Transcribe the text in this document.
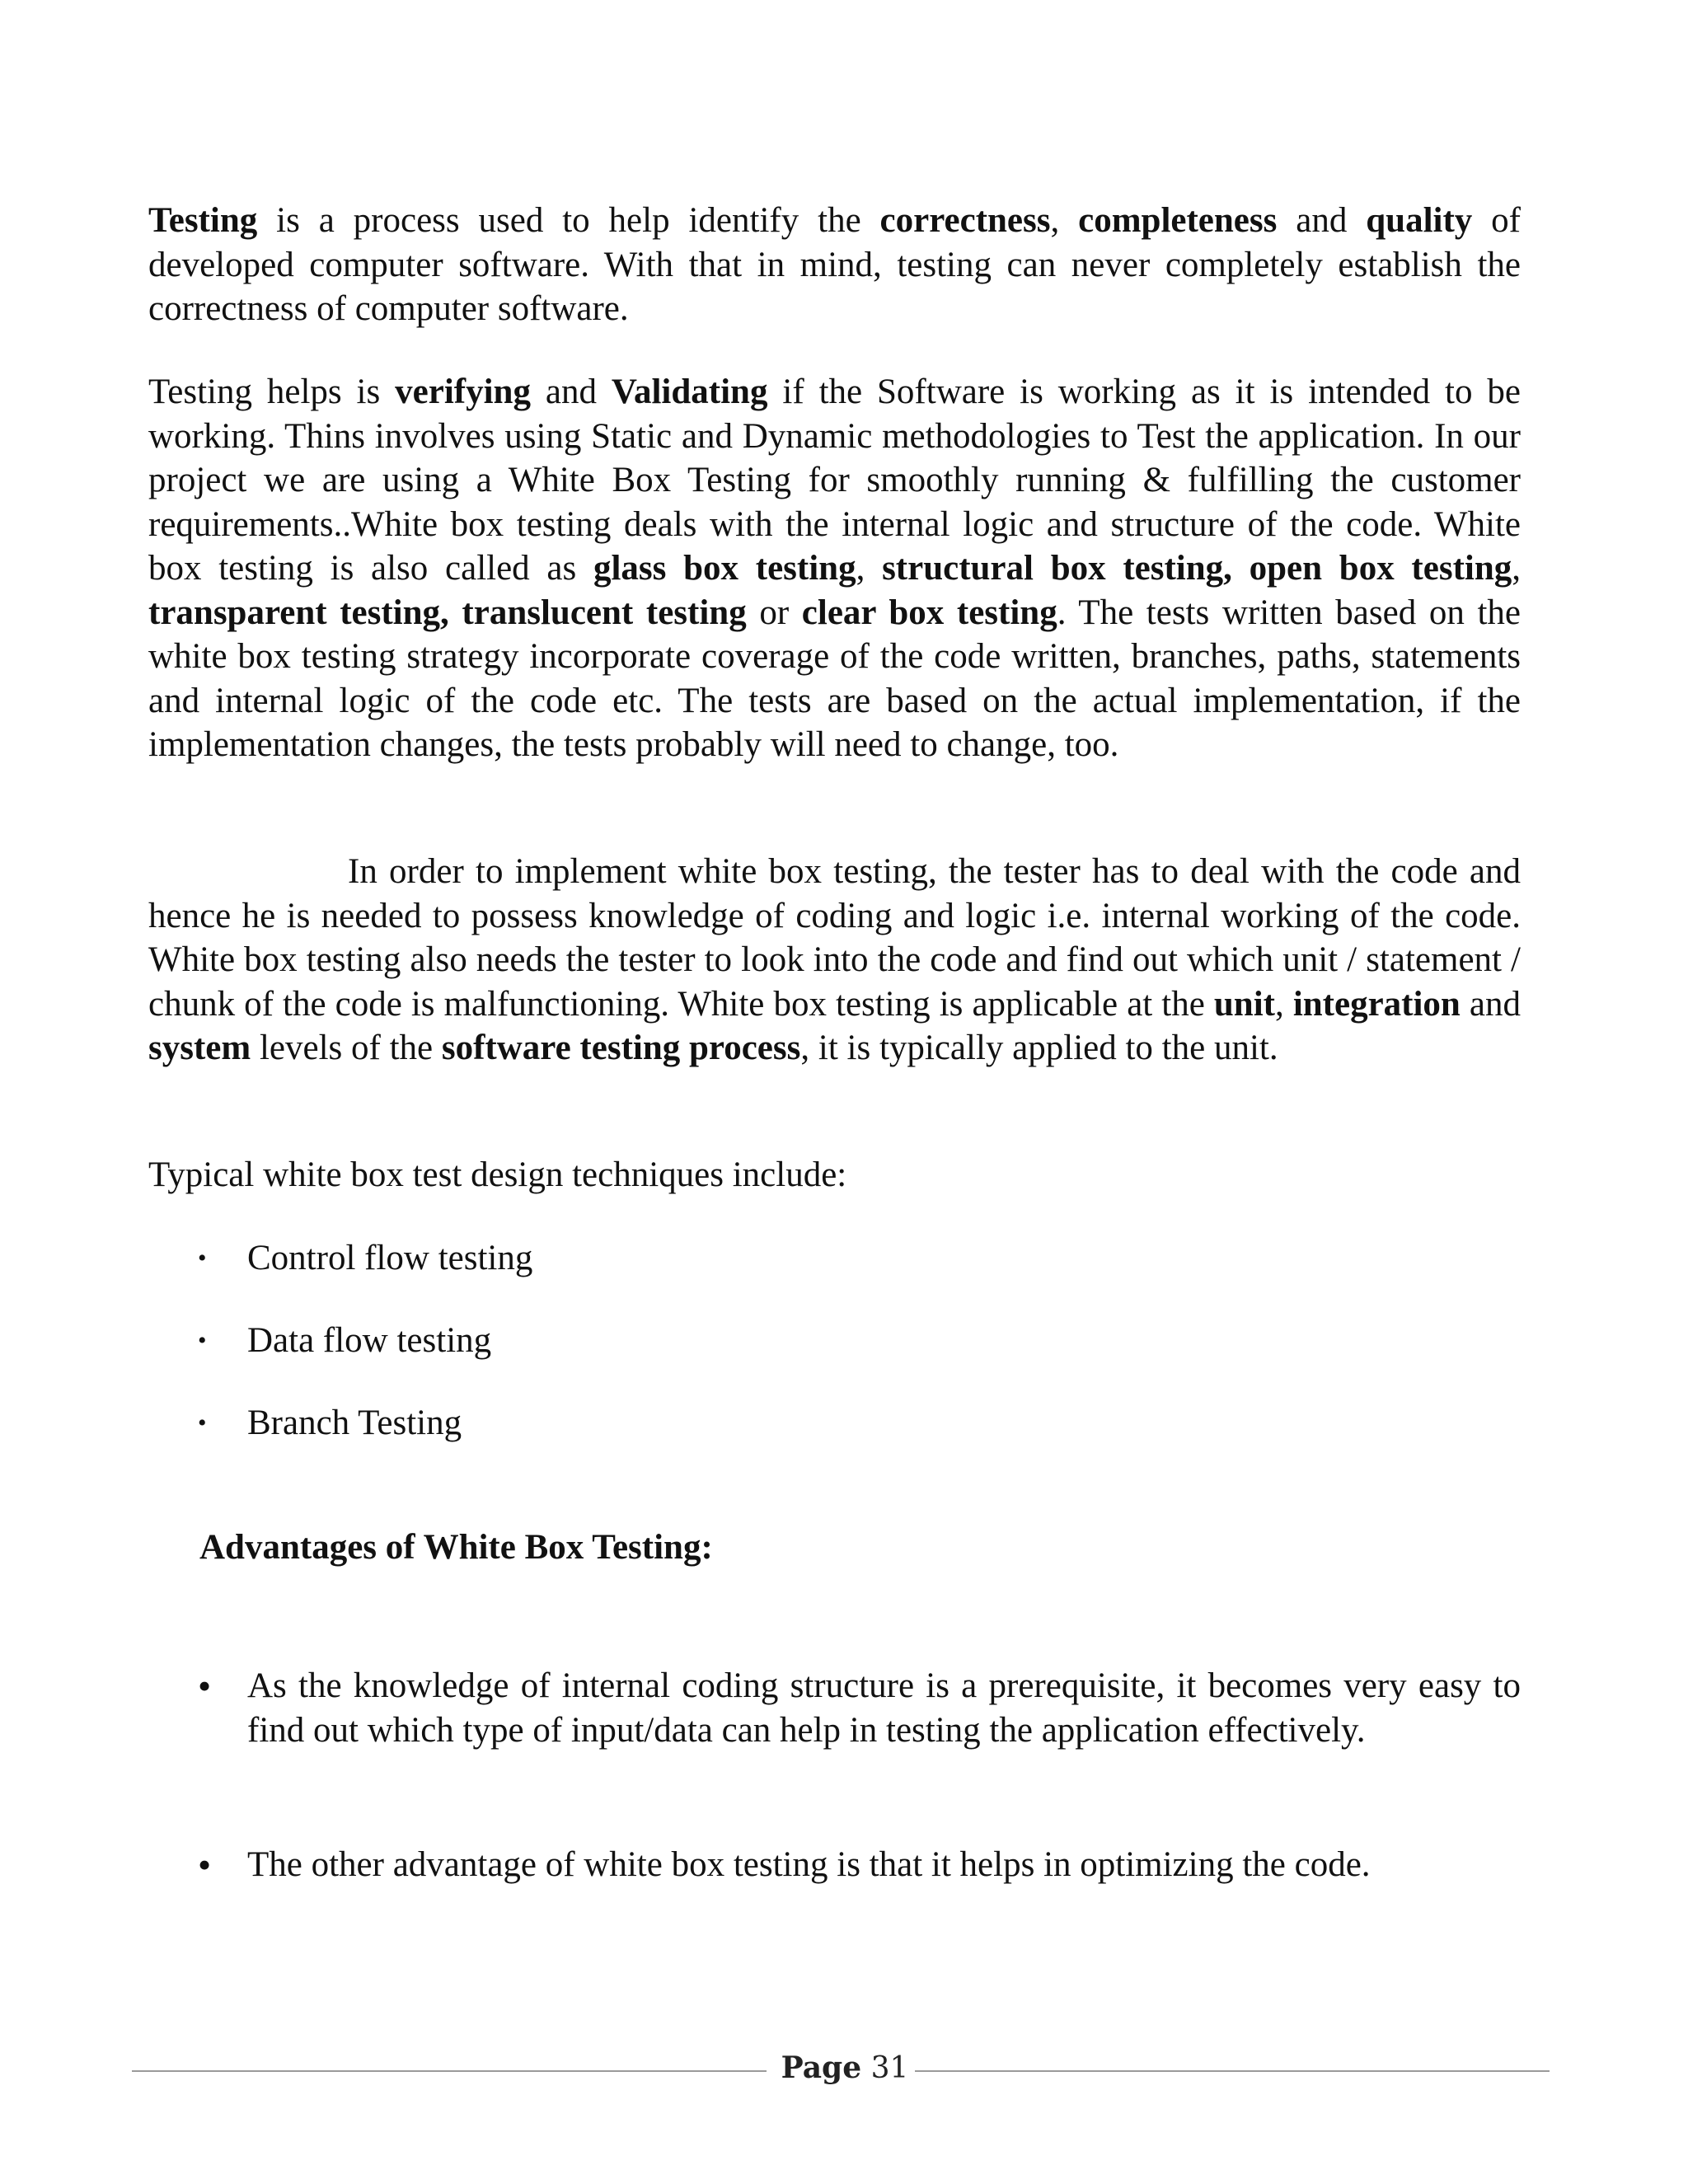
Testing is a process used to help identify the correctness, completeness and quality of developed computer software. With that in mind, testing can never completely establish the correctness of computer software.

Testing helps is verifying and Validating if the Software is working as it is intended to be working. Thins involves using Static and Dynamic methodologies to Test the application. In our project we are using a White Box Testing for smoothly running & fulfilling the customer requirements..White box testing deals with the internal logic and structure of the code. White box testing is also called as glass box testing, structural box testing, open box testing, transparent testing, translucent testing or clear box testing. The tests written based on the white box testing strategy incorporate coverage of the code written, branches, paths, statements and internal logic of the code etc. The tests are based on the actual implementation, if the implementation changes, the tests probably will need to change, too.

In order to implement white box testing, the tester has to deal with the code and hence he is needed to possess knowledge of coding and logic i.e. internal working of the code. White box testing also needs the tester to look into the code and find out which unit / statement / chunk of the code is malfunctioning. White box testing is applicable at the unit, integration and system levels of the software testing process, it is typically applied to the unit.

Typical white box test design techniques include:

•	Control flow testing
•	Data flow testing
•	Branch Testing
Advantages of White Box Testing:
•	As the knowledge of internal coding structure is a prerequisite, it becomes very easy to find out which type of input/data can help in testing the application effectively.
•	The other advantage of white box testing is that it helps in optimizing the code.
Page 31
